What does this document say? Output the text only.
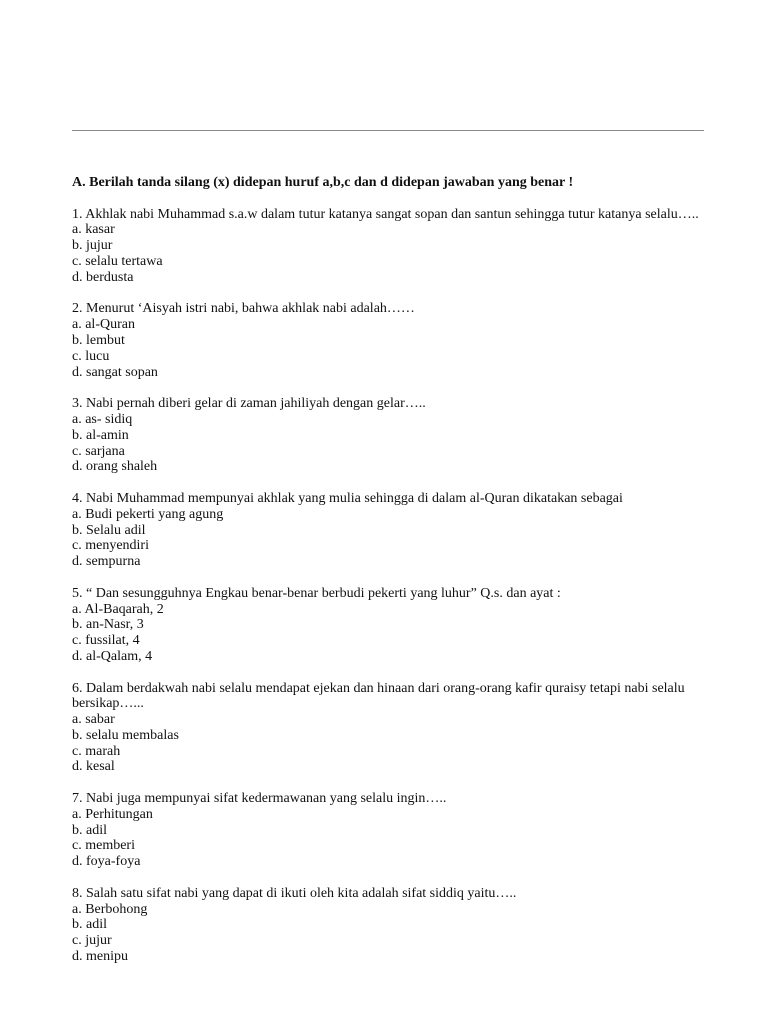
A. Berilah tanda silang (x) didepan huruf a,b,c dan d didepan jawaban yang benar !

1. Akhlak nabi Muhammad s.a.w dalam tutur katanya sangat sopan dan santun sehingga tutur katanya selalu…..

a. kasar

b. jujur

c. selalu tertawa

d. berdusta

2. Menurut ‘Aisyah istri nabi, bahwa akhlak nabi adalah……

a. al-Quran

b. lembut

c. lucu

d. sangat sopan

3. Nabi pernah diberi gelar di zaman jahiliyah dengan gelar…..

a. as- sidiq

b. al-amin

c. sarjana

d. orang shaleh

4. Nabi Muhammad mempunyai akhlak yang mulia sehingga di dalam al-Quran dikatakan sebagai

a. Budi pekerti yang agung

b. Selalu adil

c. menyendiri

d. sempurna

5. “ Dan sesungguhnya Engkau benar-benar berbudi pekerti yang luhur” Q.s. dan ayat :

a. Al-Baqarah, 2

b. an-Nasr, 3

c. fussilat, 4

d. al-Qalam, 4

6. Dalam berdakwah nabi selalu mendapat ejekan dan hinaan dari orang-orang kafir quraisy tetapi nabi selalu bersikap…...

a. sabar

b. selalu membalas

c. marah

d. kesal

7. Nabi juga mempunyai sifat kedermawanan yang selalu ingin…..

a. Perhitungan

b. adil

c. memberi

d. foya-foya

8. Salah satu sifat nabi yang dapat di ikuti oleh kita adalah sifat siddiq yaitu…..

a. Berbohong

b. adil

c. jujur

d. menipu
